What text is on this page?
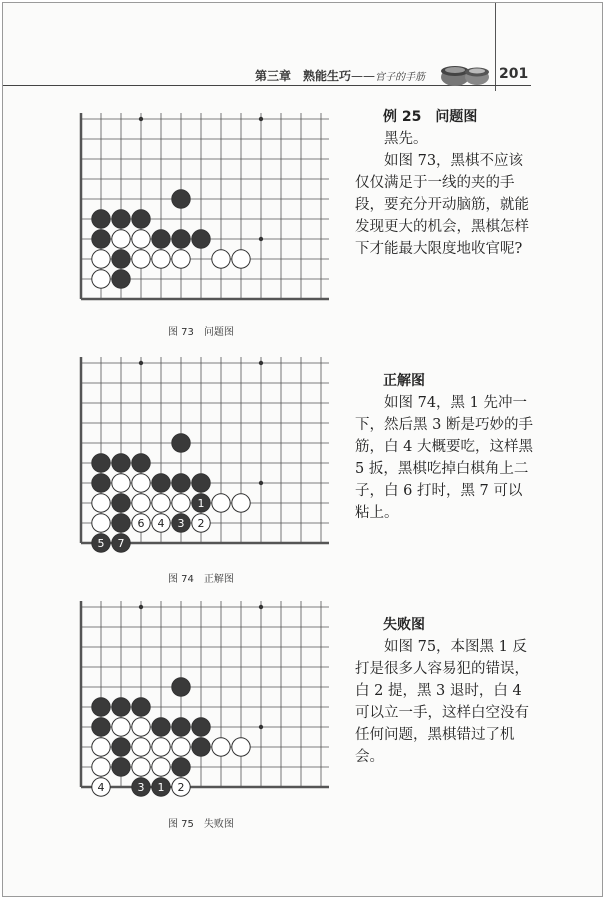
第三章　熟能生巧——官子的手筋	201
图 73　问题图

例 25　问题图

黑先。

如图 73，黑棋不应该仅仅满足于一线的夹的手段，要充分开动脑筋，就能发现更大的机会，黑棋怎样下才能最大限度地收官呢?

1
6 4 3 2
5 7
图 74　正解图

正解图

如图 74，黑 1 先冲一下，然后黑 3 断是巧妙的手筋，白 4 大概要吃，这样黑 5 扳，黑棋吃掉白棋角上二子，白 6 打时，黑 7 可以粘上。

4	3 1 2
图 75　失败图

失败图

如图 75，本图黑 1 反打是很多人容易犯的错误，白 2 提，黑 3 退时，白 4 可以立一手，这样白空没有任何问题，黑棋错过了机会。
